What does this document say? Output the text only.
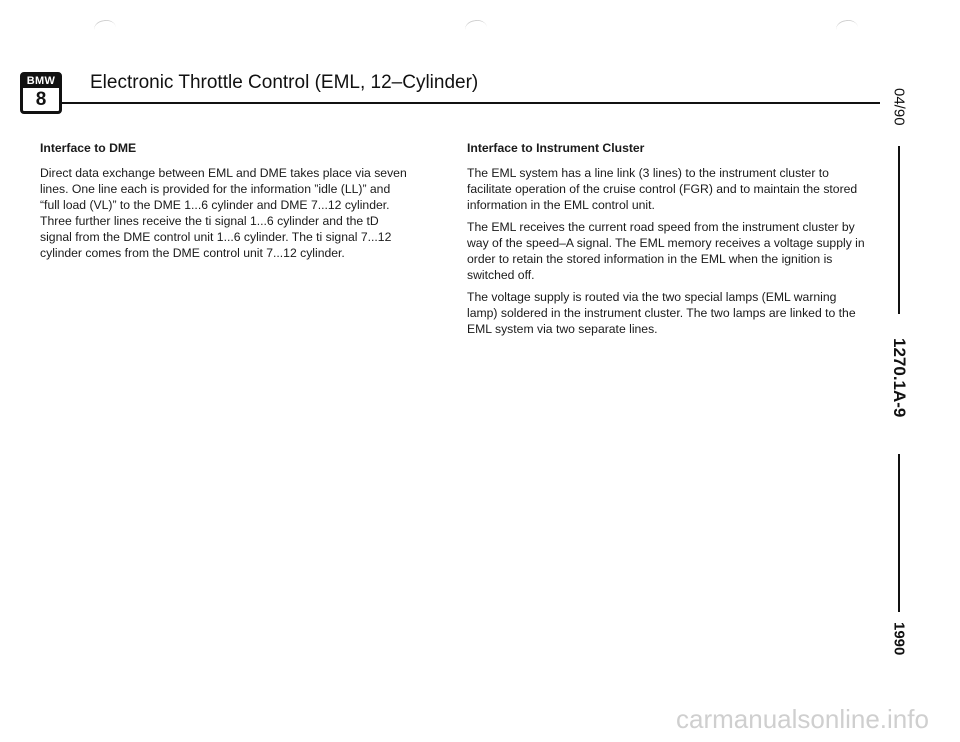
BMW
8
Electronic Throttle Control (EML, 12–Cylinder)
Interface to DME

Direct data exchange between EML and DME takes place via seven lines. One line each is provided for the information ”idle (LL)” and “full load (VL)” to the DME 1...6 cylinder and DME 7...12 cylinder. Three further lines receive the ti signal 1...6 cylinder and the tD signal from the DME control unit 1...6 cylinder. The ti signal 7...12 cylinder comes from the DME control unit 7...12 cylinder.

Interface to Instrument Cluster

The EML system has a line link (3 lines) to the instrument cluster to facilitate operation of the cruise control (FGR) and to maintain the stored information in the EML control unit.

The EML receives the current road speed from the instrument cluster by way of the speed–A signal. The EML memory receives a voltage supply in order to retain the stored information in the EML when the ignition is switched off.

The voltage supply is routed via the two special lamps (EML warning lamp) soldered in the instrument cluster. The two lamps are linked to the EML system via two separate lines.

04/90
1270.1A-9
1990
carmanualsonline.info
